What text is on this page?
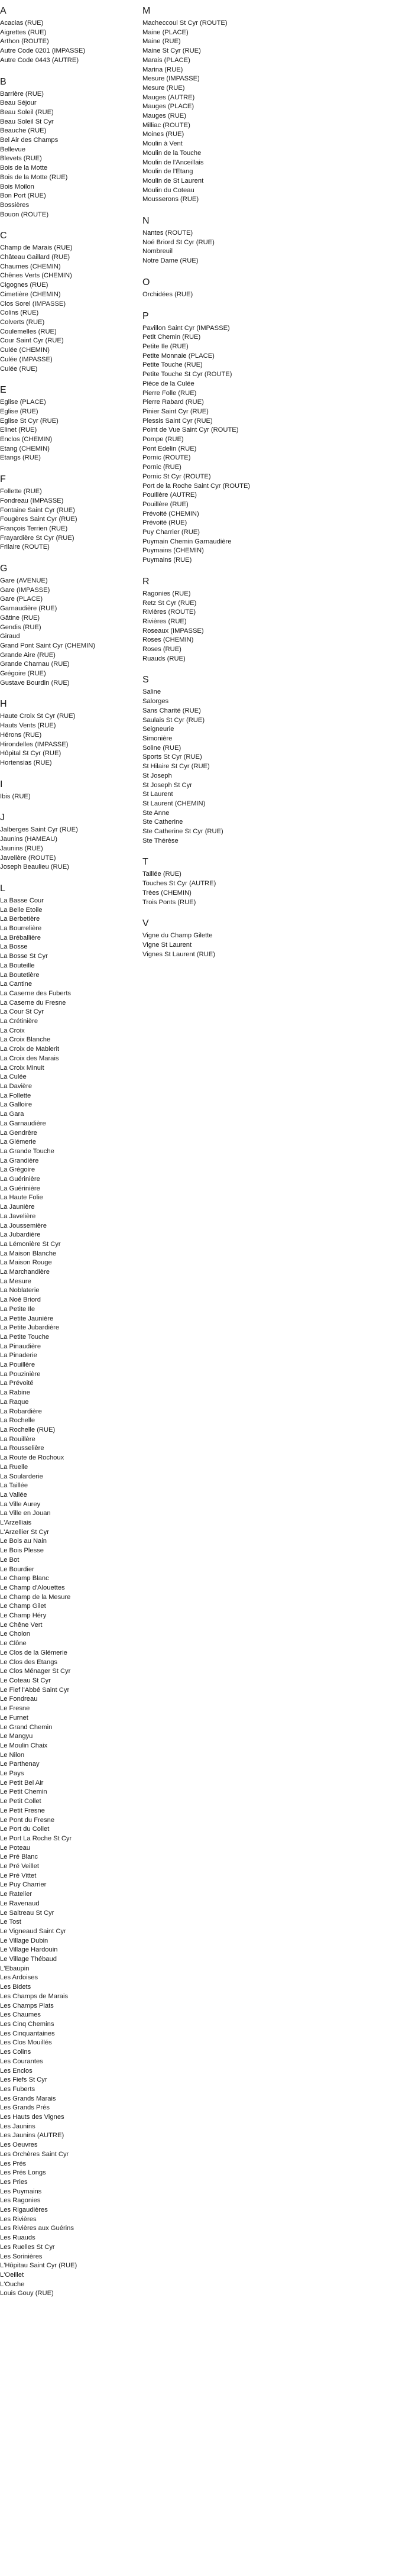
A
Acacias (RUE)
Aigrettes (RUE)
Arthon (ROUTE)
Autre Code 0201 (IMPASSE)
Autre Code 0443 (AUTRE)
B
Barrière (RUE)
Beau Séjour
Beau Soleil (RUE)
Beau Soleil St Cyr
Beauche (RUE)
Bel Air des Champs
Bellevue
Blevets (RUE)
Bois de la Motte
Bois de la Motte (RUE)
Bois Moilon
Bon Port (RUE)
Bossières
Bouon (ROUTE)
C
Champ de Marais (RUE)
Château Gaillard (RUE)
Chaumes (CHEMIN)
Chênes Verts (CHEMIN)
Cigognes (RUE)
Cimetière (CHEMIN)
Clos Sorel (IMPASSE)
Colins (RUE)
Colverts (RUE)
Coulemelles (RUE)
Cour Saint Cyr (RUE)
Culée (CHEMIN)
Culée (IMPASSE)
Culée (RUE)
E
Eglise (PLACE)
Eglise (RUE)
Eglise St Cyr (RUE)
Elinet (RUE)
Enclos (CHEMIN)
Etang (CHEMIN)
Etangs (RUE)
F
Follette (RUE)
Fondreau (IMPASSE)
Fontaine Saint Cyr (RUE)
Fougères Saint Cyr (RUE)
François Terrien (RUE)
Frayardière St Cyr (RUE)
Frilaire (ROUTE)
G
Gare (AVENUE)
Gare (IMPASSE)
Gare (PLACE)
Garnaudière (RUE)
Gâtine (RUE)
Gendis (RUE)
Giraud
Grand Pont Saint Cyr (CHEMIN)
Grande Aire (RUE)
Grande Charnau (RUE)
Grégoire (RUE)
Gustave Bourdin (RUE)
H
Haute Croix St Cyr (RUE)
Hauts Vents (RUE)
Hérons (RUE)
Hirondelles (IMPASSE)
Hôpital St Cyr (RUE)
Hortensias (RUE)
I
Ibis (RUE)
J
Jalberges Saint Cyr (RUE)
Jaunins (HAMEAU)
Jaunins (RUE)
Javelière (ROUTE)
Joseph Beaulieu (RUE)
L
La Basse Cour
La Belle Etoile
La Berbetière
La Bourrelière
La Bréballière
La Bosse
La Bosse St Cyr
La Bouteille
La Boutetière
La Cantine
La Caserne des Fuberts
La Caserne du Fresne
La Cour St Cyr
La Crétinière
La Croix
La Croix Blanche
La Croix de Mablerit
La Croix des Marais
La Croix Minuit
La Culée
La Davière
La Follette
La Galloire
La Gara
La Garnaudière
La Gendrère
La Glémerie
La Grande Touche
La Grandière
La Grégoire
La Guérinière
La Guérinière
La Haute Folie
La Jaunière
La Javelière
La Joussemière
La Jubardière
La Lémonière St Cyr
La Maison Blanche
La Maison Rouge
La Marchandière
La Mesure
La Noblaterie
La Noé Briord
La Petite Ile
La Petite Jaunière
La Petite Jubardière
La Petite Touche
La Pinaudière
La Pinaderie
La Pouillère
La Pouzinière
La Prévoité
La Rabine
La Raque
La Robardière
La Rochelle
La Rochelle (RUE)
La Rouillère
La Rousselière
La Route de Rochoux
La Ruelle
La Soularderie
La Taillée
La Vallée
La Ville Aurey
La Ville en Jouan
L'Arzelliais
L'Arzellier St Cyr
Le Bois au Nain
Le Bois Plesse
Le Bot
Le Bourdier
Le Champ Blanc
Le Champ d'Alouettes
Le Champ de la Mesure
Le Champ Gilet
Le Champ Héry
Le Chêne Vert
Le Cholon
Le Clône
Le Clos de la Glémerie
Le Clos des Etangs
Le Clos Ménager St Cyr
Le Coteau St Cyr
Le Fief l'Abbé Saint Cyr
Le Fondreau
Le Fresne
Le Furnet
Le Grand Chemin
Le Mangyu
Le Moulin Chaix
Le Nilon
Le Parthenay
Le Pays
Le Petit Bel Air
Le Petit Chemin
Le Petit Collet
Le Petit Fresne
Le Pont du Fresne
Le Port du Collet
Le Port La Roche St Cyr
Le Poteau
Le Pré Blanc
Le Pré Veillet
Le Pré Vittet
Le Puy Charrier
Le Ratelier
Le Ravenaud
Le Saltreau St Cyr
Le Tost
Le Vigneaud Saint Cyr
Le Village Dubin
Le Village Hardouin
Le Village Thébaud
L'Ebaupin
Les Ardoises
Les Bidets
Les Champs de Marais
Les Champs Plats
Les Chaumes
Les Cinq Chemins
Les Cinquantaines
Les Clos Mouillés
Les Colins
Les Courantes
Les Enclos
Les Fiefs St Cyr
Les Fuberts
Les Grands Marais
Les Grands Prés
Les Hauts des Vignes
Les Jaunins
Les Jaunins (AUTRE)
Les Oeuvres
Les Orchères Saint Cyr
Les Prés
Les Prés Longs
Les Pries
Les Puymains
Les Ragonies
Les Rigaudières
Les Rivières
Les Rivières aux Guérins
Les Ruauds
Les Ruelles St Cyr
Les Sorinières
L'Hôpitau Saint Cyr (RUE)
L'Oeillet
L'Ouche
Louis Gouy (RUE)
M
Macheccoul St Cyr (ROUTE)
Maine (PLACE)
Maine (RUE)
Maine St Cyr (RUE)
Marais (PLACE)
Marina (RUE)
Mesure (IMPASSE)
Mesure (RUE)
Mauges (AUTRE)
Mauges (PLACE)
Mauges (RUE)
Milliac (ROUTE)
Moines (RUE)
Moulin à Vent
Moulin de la Touche
Moulin de l'Anceillais
Moulin de l'Etang
Moulin de St Laurent
Moulin du Coteau
Mousserons (RUE)
N
Nantes (ROUTE)
Noé Briord St Cyr (RUE)
Nombreuil
Notre Dame (RUE)
O
Orchidées (RUE)
P
Pavillon Saint Cyr (IMPASSE)
Petit Chemin (RUE)
Petite Ile (RUE)
Petite Monnaie (PLACE)
Petite Touche (RUE)
Petite Touche St Cyr (ROUTE)
Pièce de la Culée
Pierre Folle (RUE)
Pierre Rabard (RUE)
Pinier Saint Cyr (RUE)
Plessis Saint Cyr (RUE)
Point de Vue Saint Cyr (ROUTE)
Pompe (RUE)
Pont Edelin (RUE)
Pornic (ROUTE)
Pornic (RUE)
Pornic St Cyr (ROUTE)
Port de la Roche Saint Cyr (ROUTE)
Pouillère (AUTRE)
Pouillère (RUE)
Prévoité (CHEMIN)
Prévoité (RUE)
Puy Charrier (RUE)
Puymain Chemin Garnaudière
Puymains (CHEMIN)
Puymains (RUE)
R
Ragonies (RUE)
Retz St Cyr (RUE)
Rivières (ROUTE)
Rivières (RUE)
Roseaux (IMPASSE)
Roses (CHEMIN)
Roses (RUE)
Ruauds (RUE)
S
Saline
Salorges
Sans Charité (RUE)
Saulais St Cyr (RUE)
Seigneurie
Simonière
Soline (RUE)
Sports St Cyr (RUE)
St Hilaire St Cyr (RUE)
St Joseph
St Joseph St Cyr
St Laurent
St Laurent (CHEMIN)
Ste Anne
Ste Catherine
Ste Catherine St Cyr (RUE)
Ste Thérèse
T
Taillée (RUE)
Touches St Cyr (AUTRE)
Trèes (CHEMIN)
Trois Ponts (RUE)
V
Vigne du Champ Gilette
Vigne St Laurent
Vignes St Laurent (RUE)
